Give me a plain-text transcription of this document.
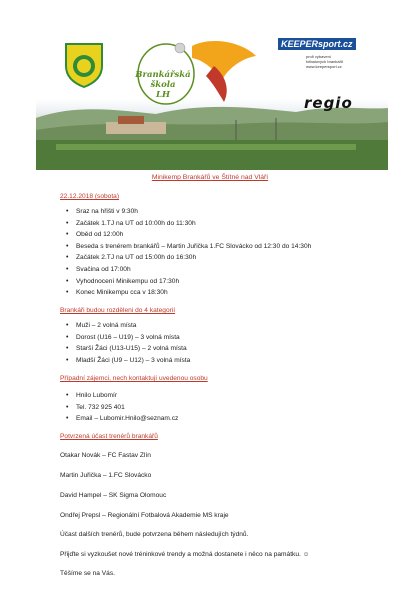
Brankářská
škola
LH
KEEPERsport.cz
profi vybavení
fotbalových brankářů
www.keepersport.cz
regio
Minikemp Brankářů ve Štítné nad Vláří
22.12.2018 (sobota)
• Sraz na hřišti v 9:30h
• Začátek 1.TJ na UT od 10:00h do 11:30h
• Oběd od 12:00h
• Beseda s trenérem brankářů – Martin Juřička 1.FC Slovácko od 12:30 do 14:30h
• Začátek 2.TJ na UT od 15:00h do 16:30h
• Svačina od 17:00h
• Vyhodnocení Minikempu od 17:30h
• Konec Minikempu cca v 18:30h
Brankáři budou rozděleni do 4 kategorií
• Muži – 2 volná místa
• Dorost (U16 – U19) – 3 volná místa
• Starší Žáci (U13-U15) – 2 volná místa
• Mladší Žáci (U9 – U12) – 3 volná místa
Případní zájemci, nech kontaktují uvedenou osobu
• Hnilo Lubomír
• Tel. 732 925 401
• Email – Lubomir.Hnilo@seznam.cz
Potvrzená účast trenérů brankářů
Otakar Novák – FC Fastav Zlín
Martin Juřička – 1.FC Slovácko
David Hampel – SK Sigma Olomouc
Ondřej Prepsl – Regionální Fotbalová Akademie MS kraje
Účast dalších trenérů, bude potvrzena během následujích týdnů.
Přijďte si vyzkoušet nové tréninkové trendy a možná dostanete i něco na památku. ☺
Těšíme se na Vás.
